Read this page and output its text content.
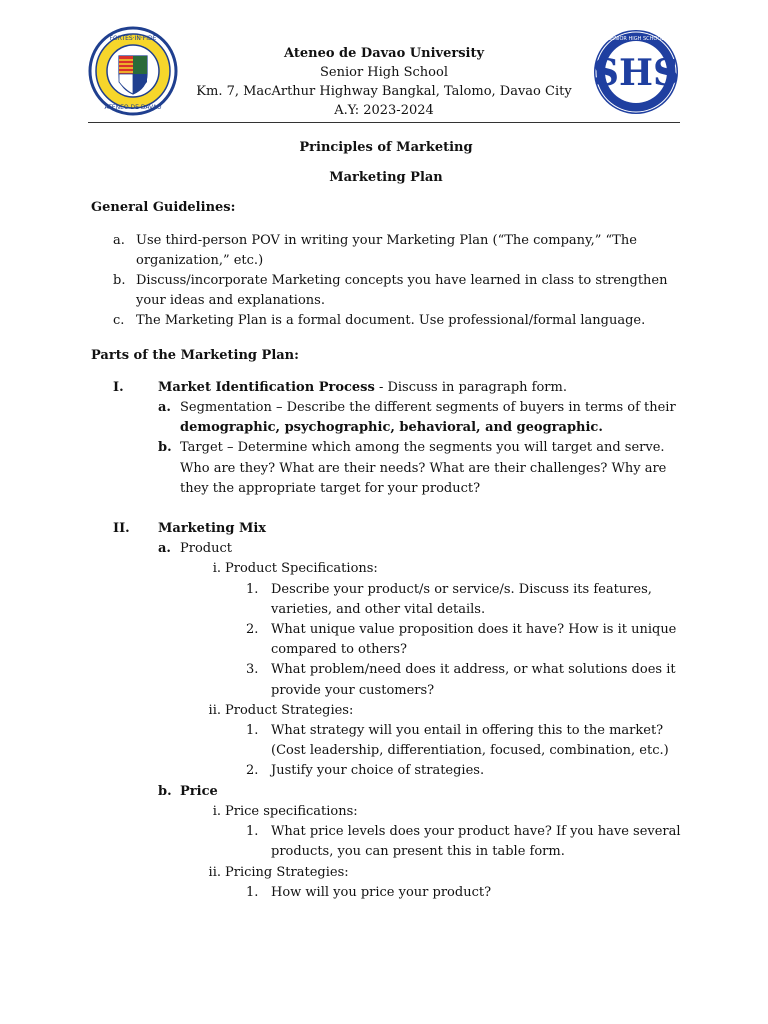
FORTES·IN·FIDE
ATENEO DE DAVAO
Ateneo de Davao University
Senior High School
Km. 7, MacArthur Highway Bangkal, Talomo, Davao City
A.Y: 2023-2024
SHS
SENIOR HIGH SCHOOL
Principles of Marketing
Marketing Plan
General Guidelines:
a. Use third-person POV in writing your Marketing Plan (“The company,” “The organization,” etc.)
b. Discuss/incorporate Marketing concepts you have learned in class to strengthen your ideas and explanations.
c. The Marketing Plan is a formal document. Use professional/formal language.
Parts of the Marketing Plan:
I.	Market Identification Process - Discuss in paragraph form.
a. Segmentation – Describe the different segments of buyers in terms of their demographic, psychographic, behavioral, and geographic.
b. Target – Determine which among the segments you will target and serve. Who are they? What are their needs? What are their challenges? Why are they the appropriate target for your product?
II. Marketing Mix
a. Product
i. Product Specifications:
1. Describe your product/s or service/s. Discuss its features, varieties, and other vital details.
2. What unique value proposition does it have? How is it unique compared to others?
3. What problem/need does it address, or what solutions does it provide your customers?
ii. Product Strategies:
1. What strategy will you entail in offering this to the market? (Cost leadership, differentiation, focused, combination, etc.)
2. Justify your choice of strategies.
b. Price
i. Price specifications:
1. What price levels does your product have? If you have several products, you can present this in table form.
ii. Pricing Strategies:
1. How will you price your product?
